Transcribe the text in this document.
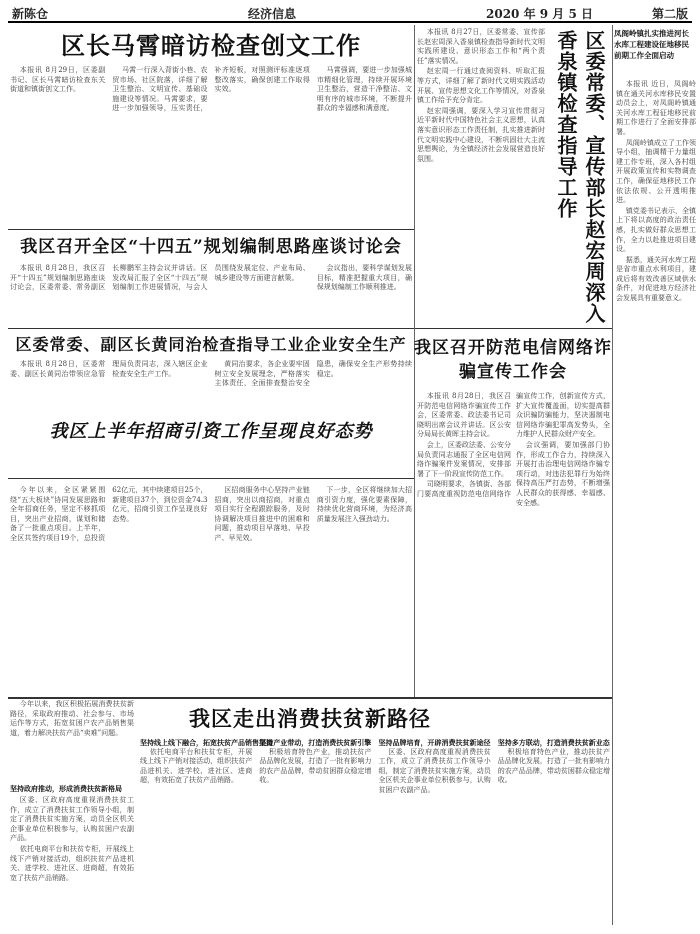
新陈仓	经济信息	2020 年 9 月 5 日	第二版
区长马霄暗访检查创文工作

本报讯 8月29日，区委副书记、区长马霄暗访检查东关街道和镇街创文工作。

马霄一行深入背街小巷、农贸市场、社区院落，详细了解卫生整治、文明宣传、基础设施建设等情况。马霄要求，要进一步加强领导，压实责任，补齐短板，对照测评标准逐项整改落实，确保创建工作取得实效。

马霄强调，要进一步加强城市精细化管理，持续开展环境卫生整治，营造干净整洁、文明有序的城市环境，不断提升群众的幸福感和满意度。

我区召开全区“十四五”规划编制思路座谈讨论会

本报讯 8月28日，我区召开“十四五”规划编制思路座谈讨论会，区委常委、常务副区长柳鹏军主持会议并讲话。区发改局汇报了全区“十四五”规划编制工作进展情况，与会人员围绕发展定位、产业布局、城乡建设等方面建言献策。

会议指出，要科学谋划发展目标，精准把握重大项目，确保规划编制工作顺利推进。

区委常委、副区长黄同治检查指导工业企业安全生产

本报讯 8月28日，区委常委、副区长黄同治带领应急管理局负责同志，深入辖区企业检查安全生产工作。

黄同治要求，各企业要牢固树立安全发展理念，严格落实主体责任，全面排查整治安全隐患，确保安全生产形势持续稳定。

我区上半年招商引资工作呈现良好态势

今年以来，全区紧紧围绕“五大板块”协同发展思路和全年招商任务，坚定不移抓项目，突出产业招商，谋划和储备了一批重点项目。上半年，全区共签约项目19个，总投资62亿元，其中续建项目25个，新建项目37个，到位资金74.3亿元，招商引资工作呈现良好态势。

区招商服务中心坚持产业链招商，突出以商招商，对重点项目实行全程跟踪服务，及时协调解决项目推进中的困难和问题，推动项目早落地、早投产、早见效。

下一步，全区将继续加大招商引资力度，强化要素保障，持续优化营商环境，为经济高质量发展注入强劲动力。

我区走出消费扶贫新路径

今年以来，我区积极拓展消费扶贫新路径，采取政府推动、社会参与、市场运作等方式，拓宽贫困户农产品销售渠道，着力解决扶贫产品“卖难”问题。

坚持政府推动，形成消费扶贫新格局

区委、区政府高度重视消费扶贫工作，成立了消费扶贫工作领导小组，制定了消费扶贫实施方案，动员全区机关企事业单位积极参与，认购贫困户农副产品。

依托电商平台和扶贫专柜，开展线上线下产销对接活动，组织扶贫产品进机关、进学校、进社区、进商超，有效拓宽了扶贫产品销路。

坚持线上线下融合，拓宽扶贫产品销售渠道

依托电商平台和扶贫专柜，开展线上线下产销对接活动，组织扶贫产品进机关、进学校、进社区、进商超，有效拓宽了扶贫产品销路。

坚持产业带动，打造消费扶贫新引擎

积极培育特色产业，推动扶贫产品品牌化发展，打造了一批有影响力的农产品品牌，带动贫困群众稳定增收。

坚持品牌培育，开辟消费扶贫新途径

区委、区政府高度重视消费扶贫工作，成立了消费扶贫工作领导小组，制定了消费扶贫实施方案，动员全区机关企事业单位积极参与，认购贫困户农副产品。

坚持多方联动，打造消费扶贫新业态

积极培育特色产业，推动扶贫产品品牌化发展，打造了一批有影响力的农产品品牌，带动贫困群众稳定增收。

本报讯 8月27日，区委常委、宣传部长赵宏周深入香泉镇检查指导新时代文明实践所建设、意识形态工作和“两个责任”落实情况。

赵宏周一行通过查阅资料、听取汇报等方式，详细了解了新时代文明实践活动开展、宣传思想文化工作等情况，对香泉镇工作给予充分肯定。

赵宏周强调，要深入学习宣传贯彻习近平新时代中国特色社会主义思想，认真落实意识形态工作责任制，扎实推进新时代文明实践中心建设，不断巩固壮大主流思想舆论，为全镇经济社会发展营造良好氛围。	区委常委、宣传部长赵宏周深入香泉镇检查指导工作
我区召开防范电信网络诈骗宣传工作会

本报讯 8月28日，我区召开防范电信网络诈骗宣传工作会，区委常委、政法委书记司晓明出席会议并讲话。区公安分局局长黄晖主持会议。

会上，区委政法委、公安分局负责同志通报了全区电信网络诈骗案件发案情况，安排部署了下一阶段宣传防范工作。

司晓明要求，各镇街、各部门要高度重视防范电信网络诈骗宣传工作，创新宣传方式，扩大宣传覆盖面，切实提高群众识骗防骗能力，坚决遏制电信网络诈骗犯罪高发势头，全力维护人民群众财产安全。

会议强调，要加强部门协作，形成工作合力，持续深入开展打击治理电信网络诈骗专项行动，对违法犯罪行为始终保持高压严打态势，不断增强人民群众的获得感、幸福感、安全感。

凤阁岭镇扎实推进河长水库工程建设征地移民前期工作全面启动

本报讯 近日，凤阁岭镇在通关河水库移民安置动员会上，对凤阁岭镇通关河水库工程征地移民前期工作进行了全面安排部署。

凤阁岭镇成立了工作领导小组，抽调精干力量组建工作专班，深入各村组开展政策宣传和实物调查工作，确保征地移民工作依法依规、公开透明推进。

镇党委书记表示，全镇上下将以高度的政治责任感，扎实做好群众思想工作，全力以赴推进项目建设。

据悉，通关河水库工程是省市重点水利项目，建成后将有效改善区域供水条件，对促进地方经济社会发展具有重要意义。
